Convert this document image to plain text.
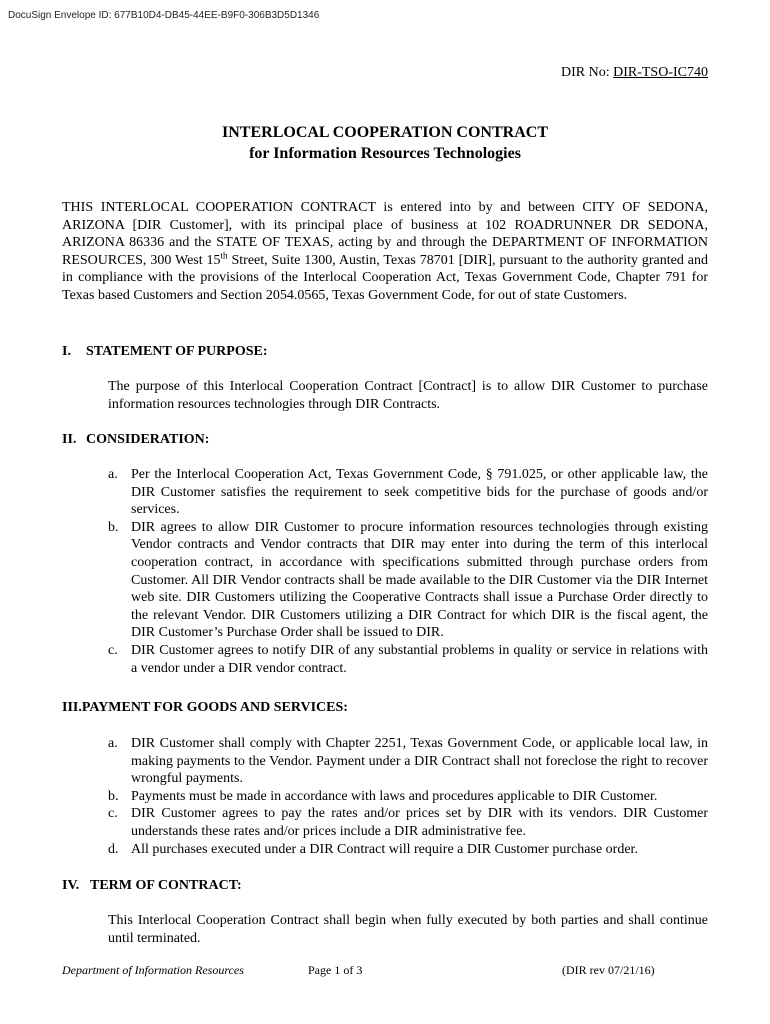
DocuSign Envelope ID: 677B10D4-DB45-44EE-B9F0-306B3D5D1346
DIR No: DIR-TSO-IC740
INTERLOCAL COOPERATION CONTRACT
for Information Resources Technologies
THIS INTERLOCAL COOPERATION CONTRACT is entered into by and between CITY OF SEDONA, ARIZONA [DIR Customer], with its principal place of business at 102 ROADRUNNER DR SEDONA, ARIZONA 86336 and the STATE OF TEXAS, acting by and through the DEPARTMENT OF INFORMATION RESOURCES, 300 West 15th Street, Suite 1300, Austin, Texas 78701 [DIR], pursuant to the authority granted and in compliance with the provisions of the Interlocal Cooperation Act, Texas Government Code, Chapter 791 for Texas based Customers and Section 2054.0565, Texas Government Code, for out of state Customers.
I. STATEMENT OF PURPOSE:
The purpose of this Interlocal Cooperation Contract [Contract] is to allow DIR Customer to purchase information resources technologies through DIR Contracts.
II. CONSIDERATION:
a. Per the Interlocal Cooperation Act, Texas Government Code, § 791.025, or other applicable law, the DIR Customer satisfies the requirement to seek competitive bids for the purchase of goods and/or services.
b. DIR agrees to allow DIR Customer to procure information resources technologies through existing Vendor contracts and Vendor contracts that DIR may enter into during the term of this interlocal cooperation contract, in accordance with specifications submitted through purchase orders from Customer. All DIR Vendor contracts shall be made available to the DIR Customer via the DIR Internet web site. DIR Customers utilizing the Cooperative Contracts shall issue a Purchase Order directly to the relevant Vendor. DIR Customers utilizing a DIR Contract for which DIR is the fiscal agent, the DIR Customer’s Purchase Order shall be issued to DIR.
c. DIR Customer agrees to notify DIR of any substantial problems in quality or service in relations with a vendor under a DIR vendor contract.
III.PAYMENT FOR GOODS AND SERVICES:
a. DIR Customer shall comply with Chapter 2251, Texas Government Code, or applicable local law, in making payments to the Vendor. Payment under a DIR Contract shall not foreclose the right to recover wrongful payments.
b. Payments must be made in accordance with laws and procedures applicable to DIR Customer.
c. DIR Customer agrees to pay the rates and/or prices set by DIR with its vendors. DIR Customer understands these rates and/or prices include a DIR administrative fee.
d. All purchases executed under a DIR Contract will require a DIR Customer purchase order.
IV. TERM OF CONTRACT:
This Interlocal Cooperation Contract shall begin when fully executed by both parties and shall continue until terminated.
Department of Information Resources	Page 1 of 3	(DIR rev 07/21/16)
